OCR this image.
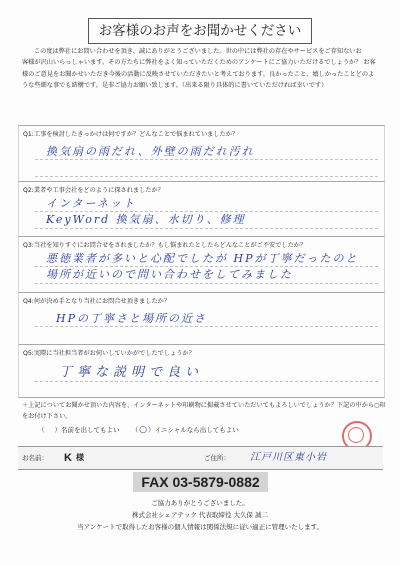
お客様のお声をお聞かせください
この度は弊社にお問い合わせを頂き、誠にありがとうございました。世の中には弊社の存在やサービスをご存知ないお
客様が沢山いらっしゃいます。その方たちに弊社をよく知っていただくためのアンケートにご協力いただけるでしょうか？ お客
様のご意見をお聞かせいただき今後の活動に反映させていただきたいと考えております。良かったこと、嬉しかったことどのよ
うな些細な事でも結構です。是非ご協力お願い致します。（出来る限り具体的に書いていただければ幸いです）
Q1:工事を検討したきっかけは何ですか？どんなことで悩まれていましたか？
換気扇の雨だれ、外壁の雨だれ汚れ
Q2:業者や工事会社をどのように探されましたか？
インターネット
KeyWord 換気扇、水切り、修理
Q3:当社を知りすぐにお問合せをされましたか？もし悩まれたとしたらどんなことがご不安でしたか？
悪徳業者が多いと心配でしたが HPが丁寧だったのと
場所が近いので問い合わせをしてみました
Q4:何が決め手となり当社にお問合せ頂きましたか？
HPの丁寧さと場所の近さ
Q5:実際に当社担当者がお伺いしていかがでしたでしょうか？
丁寧な説明で良い
＋上記についてお聞かせ頂いた内容を、インターネットや印刷物に掲載させていただいてもよろしいでしょうか？下記の中から○印
をお付け下さい。
（ ）名前を出してもよい （○）イニシャルなら出してもよい
お名前： K 様	ご住所： 江戸川区東小岩
FAX 03-5879-0882
ご協力ありがとうございました。
株式会社シェアテック 代表取締役 大久保 誠二
当アンケートで取得したお客様の個人情報は関係法規に従い適正に管理いたします。
